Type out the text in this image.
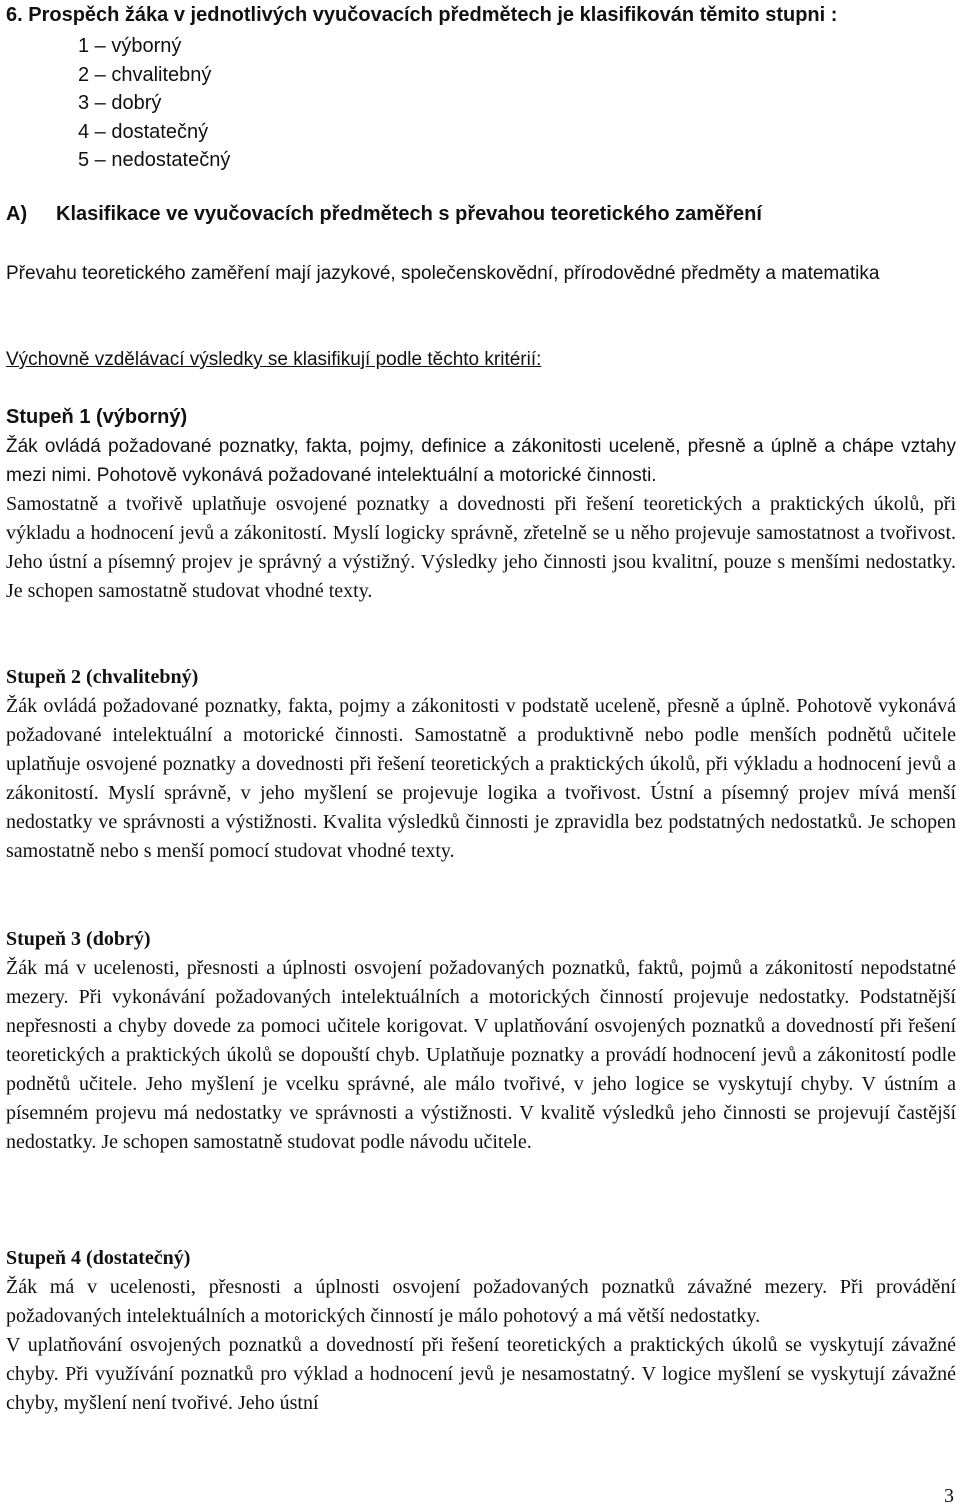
6. Prospěch žáka v jednotlivých vyučovacích předmětech je klasifikován těmito stupni :
1 – výborný
2 – chvalitebný
3 – dobrý
4 – dostatečný
5 – nedostatečný
A) Klasifikace ve vyučovacích předmětech s převahou teoretického zaměření

Převahu teoretického zaměření mají jazykové, společenskovědní, přírodovědné předměty a matematika

Výchovně vzdělávací výsledky se klasifikují podle těchto kritérií:

Stupeň 1 (výborný)

Žák ovládá požadované poznatky, fakta, pojmy, definice a zákonitosti uceleně, přesně a úplně a chápe vztahy mezi nimi. Pohotově vykonává požadované intelektuální a motorické činnosti.

Samostatně a tvořivě uplatňuje osvojené poznatky a dovednosti při řešení teoretických a praktických úkolů, při výkladu a hodnocení jevů a zákonitostí. Myslí logicky správně, zřetelně se u něho projevuje samostatnost a tvořivost. Jeho ústní a písemný projev je správný a výstižný. Výsledky jeho činnosti jsou kvalitní, pouze s menšími nedostatky. Je schopen samostatně studovat vhodné texty.

Stupeň 2 (chvalitebný)

Žák ovládá požadované poznatky, fakta, pojmy a zákonitosti v podstatě uceleně, přesně a úplně. Pohotově vykonává požadované intelektuální a motorické činnosti. Samostatně a produktivně nebo podle menších podnětů učitele uplatňuje osvojené poznatky a dovednosti při řešení teoretických a praktických úkolů, při výkladu a hodnocení jevů a zákonitostí. Myslí správně, v jeho myšlení se projevuje logika a tvořivost. Ústní a písemný projev mívá menší nedostatky ve správnosti a výstižnosti. Kvalita výsledků činnosti je zpravidla bez podstatných nedostatků. Je schopen samostatně nebo s menší pomocí studovat vhodné texty.

Stupeň 3 (dobrý)

Žák má v ucelenosti, přesnosti a úplnosti osvojení požadovaných poznatků, faktů, pojmů a zákonitostí nepodstatné mezery. Při vykonávání požadovaných intelektuálních a motorických činností projevuje nedostatky. Podstatnější nepřesnosti a chyby dovede za pomoci učitele korigovat. V uplatňování osvojených poznatků a dovedností při řešení teoretických a praktických úkolů se dopouští chyb. Uplatňuje poznatky a provádí hodnocení jevů a zákonitostí podle podnětů učitele. Jeho myšlení je vcelku správné, ale málo tvořivé, v jeho logice se vyskytují chyby. V ústním a písemném projevu má nedostatky ve správnosti a výstižnosti. V kvalitě výsledků jeho činnosti se projevují častější nedostatky. Je schopen samostatně studovat podle návodu učitele.

Stupeň 4 (dostatečný)

Žák má v ucelenosti, přesnosti a úplnosti osvojení požadovaných poznatků závažné mezery. Při provádění požadovaných intelektuálních a motorických činností je málo pohotový a má větší nedostatky.

V uplatňování osvojených poznatků a dovedností při řešení teoretických a praktických úkolů se vyskytují závažné chyby. Při využívání poznatků pro výklad a hodnocení jevů je nesamostatný. V logice myšlení se vyskytují závažné chyby, myšlení není tvořivé. Jeho ústní

3
